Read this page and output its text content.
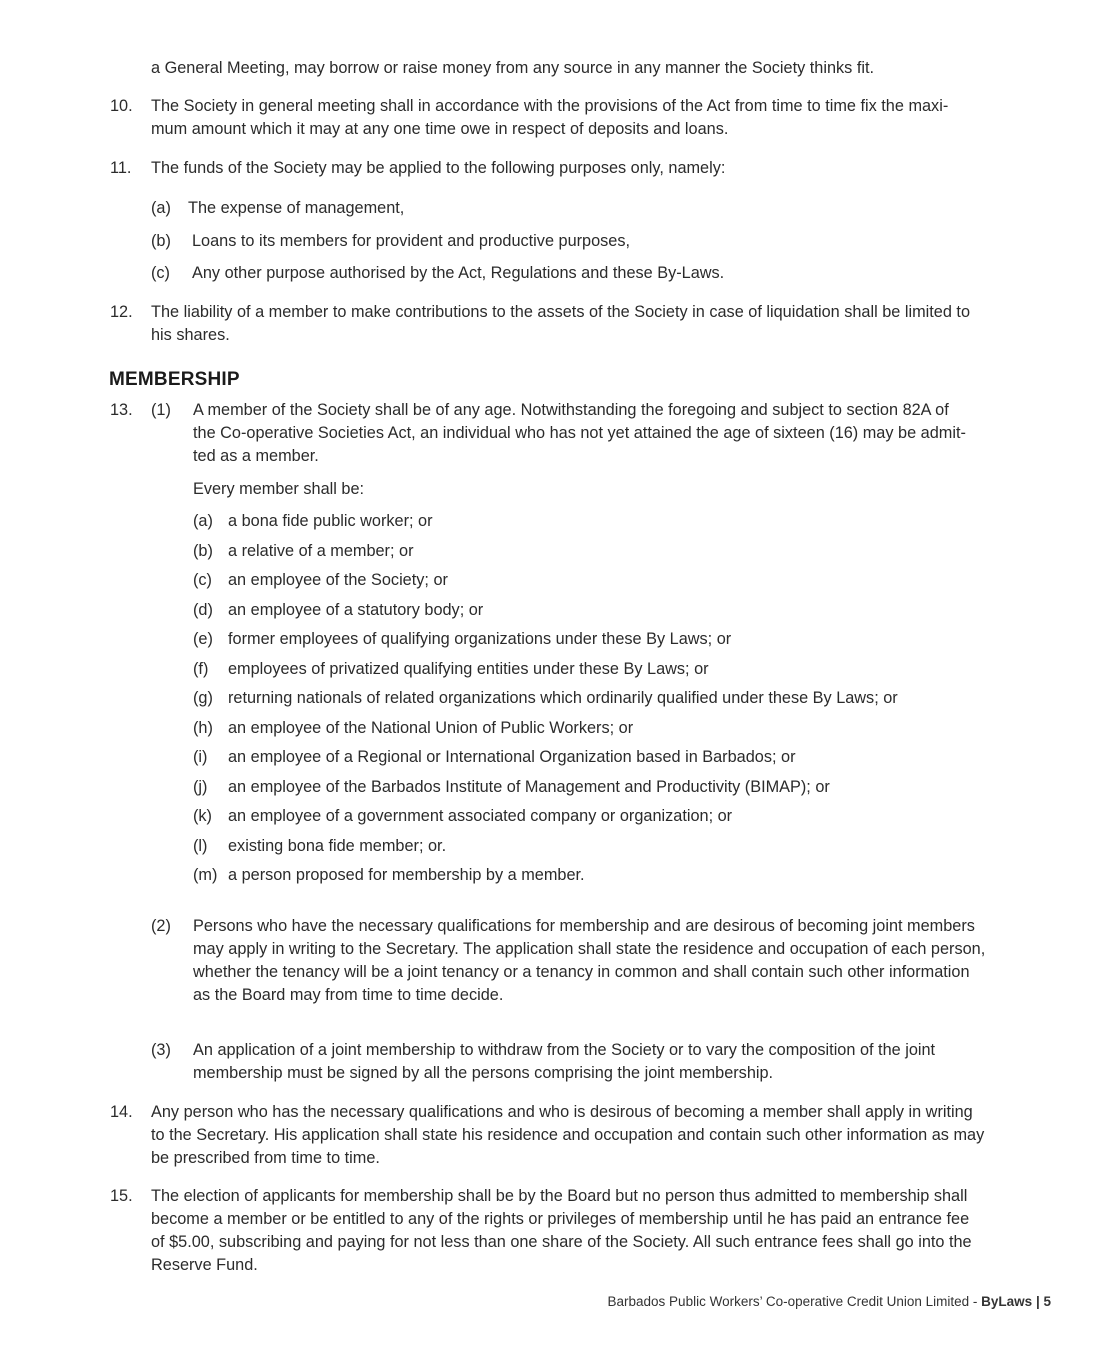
a General Meeting, may borrow or raise money from any source in any manner the Society thinks fit.
10.	The Society in general meeting shall in accordance with the provisions of the Act from time to time fix the maxi-
mum amount which it may at any one time owe in respect of deposits and loans.
11.	The funds of the Society may be applied to the following purposes only, namely:
(a) The expense of management,
(b) Loans to its members for provident and productive purposes,
(c) Any other purpose authorised by the Act, Regulations and these By-Laws.
12.	The liability of a member to make contributions to the assets of the Society in case of liquidation shall be limited to
his shares.
MEMBERSHIP
13.	(1) A member of the Society shall be of any age. Notwithstanding the foregoing and subject to section 82A of
the Co-operative Societies Act, an individual who has not yet attained the age of sixteen (16) may be admit-
ted as a member.
Every member shall be:
(a) a bona fide public worker; or
(b) a relative of a member; or
(c) an employee of the Society; or
(d) an employee of a statutory body; or
(e) former employees of qualifying organizations under these By Laws; or
(f) employees of privatized qualifying entities under these By Laws; or
(g) returning nationals of related organizations which ordinarily qualified under these By Laws; or
(h) an employee of the National Union of Public Workers; or
(i) an employee of a Regional or International Organization based in Barbados; or
(j) an employee of the Barbados Institute of Management and Productivity (BIMAP); or
(k) an employee of a government associated company or organization; or
(l) existing bona fide member; or.
(m) a person proposed for membership by a member.
(2) Persons who have the necessary qualifications for membership and are desirous of becoming joint members
may apply in writing to the Secretary. The application shall state the residence and occupation of each person,
whether the tenancy will be a joint tenancy or a tenancy in common and shall contain such other information
as the Board may from time to time decide.
(3) An application of a joint membership to withdraw from the Society or to vary the composition of the joint
membership must be signed by all the persons comprising the joint membership.
14.	Any person who has the necessary qualifications and who is desirous of becoming a member shall apply in writing
to the Secretary. His application shall state his residence and occupation and contain such other information as may
be prescribed from time to time.
15.	The election of applicants for membership shall be by the Board but no person thus admitted to membership shall
become a member or be entitled to any of the rights or privileges of membership until he has paid an entrance fee
of $5.00, subscribing and paying for not less than one share of the Society. All such entrance fees shall go into the
Reserve Fund.
Barbados Public Workers’ Co-operative Credit Union Limited - ByLaws | 5
